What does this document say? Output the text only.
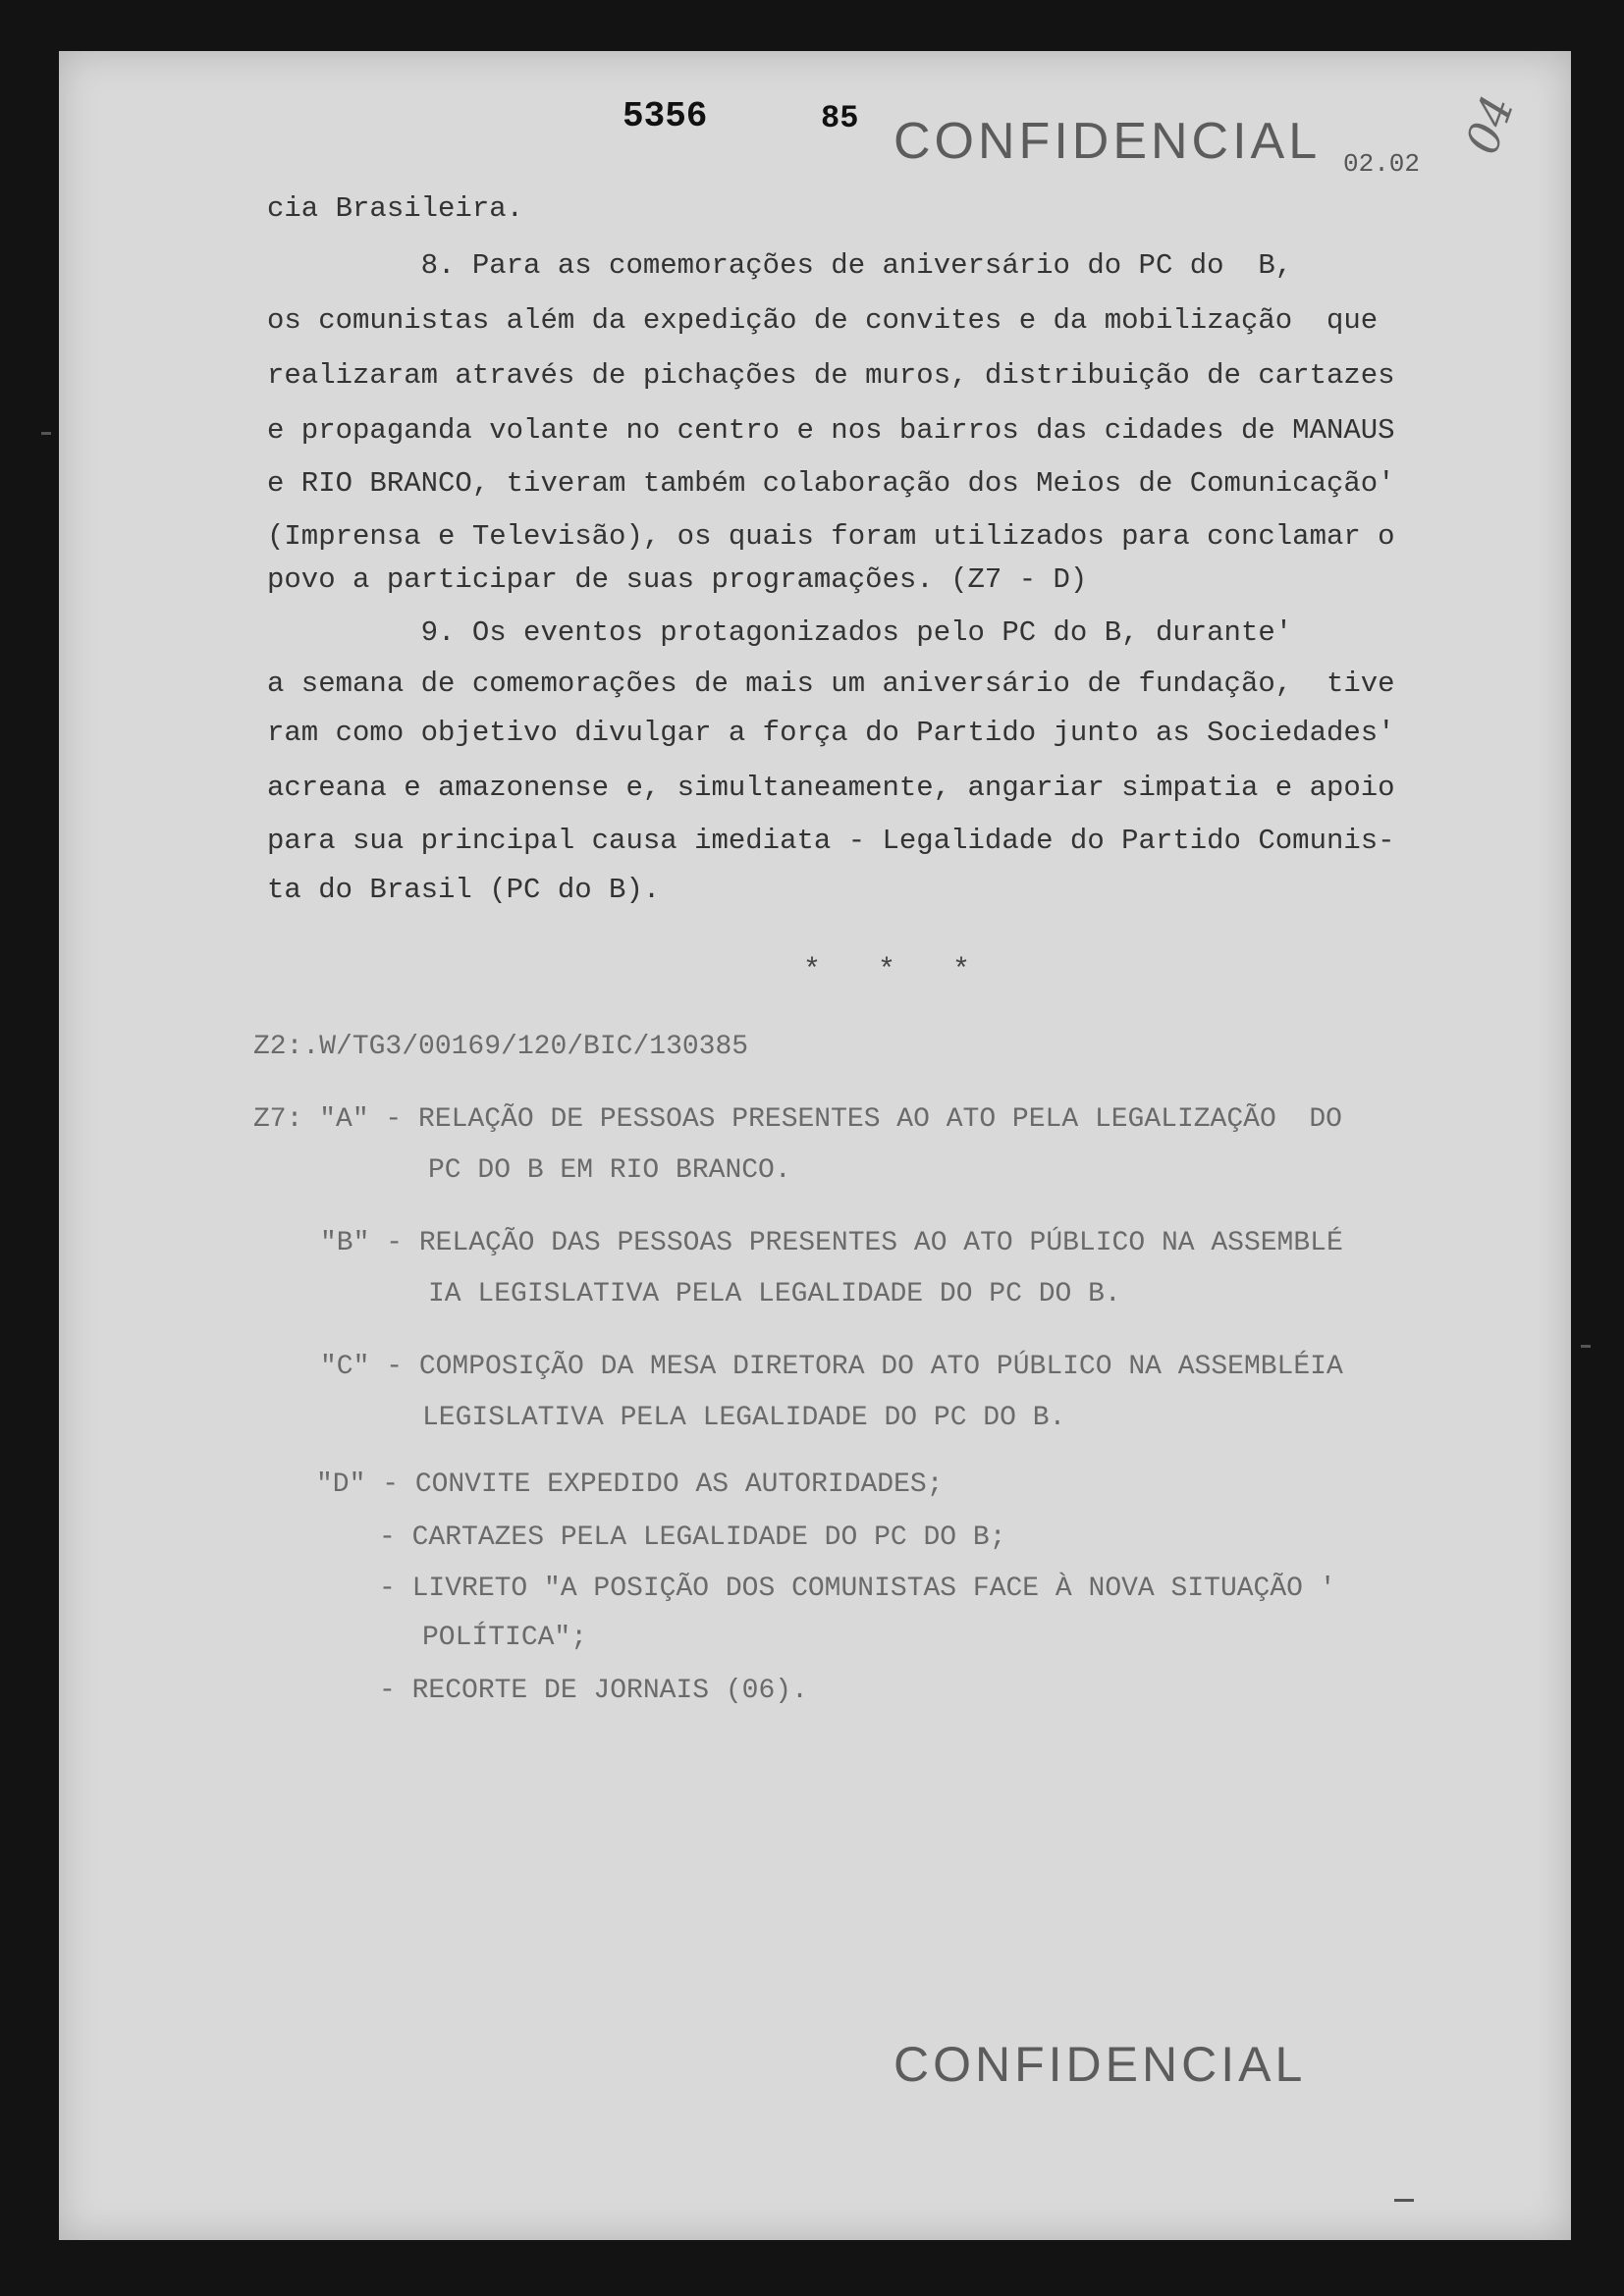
5356	85 CONFIDENCIAL 02.02
04
cia Brasileira.
8. Para as comemorações de aniversário do PC do  B,
os comunistas além da expedição de convites e da mobilização  que
realizaram através de pichações de muros, distribuição de cartazes
e propaganda volante no centro e nos bairros das cidades de MANAUS
e RIO BRANCO, tiveram também colaboração dos Meios de Comunicação'
(Imprensa e Televisão), os quais foram utilizados para conclamar o
povo a participar de suas programações. (Z7 - D)
9. Os eventos protagonizados pelo PC do B, durante'
a semana de comemorações de mais um aniversário de fundação,  tive
ram como objetivo divulgar a força do Partido junto as Sociedades'
acreana e amazonense e, simultaneamente, angariar simpatia e apoio
para sua principal causa imediata - Legalidade do Partido Comunis-
ta do Brasil (PC do B).
* * *
Z2:.W/TG3/00169/120/BIC/130385
Z7: "A" - RELAÇÃO DE PESSOAS PRESENTES AO ATO PELA LEGALIZAÇÃO  DO
PC DO B EM RIO BRANCO.
"B" - RELAÇÃO DAS PESSOAS PRESENTES AO ATO PÚBLICO NA ASSEMBLÉ
IA LEGISLATIVA PELA LEGALIDADE DO PC DO B.
"C" - COMPOSIÇÃO DA MESA DIRETORA DO ATO PÚBLICO NA ASSEMBLÉIA
LEGISLATIVA PELA LEGALIDADE DO PC DO B.
"D" - CONVITE EXPEDIDO AS AUTORIDADES;
- CARTAZES PELA LEGALIDADE DO PC DO B;
- LIVRETO "A POSIÇÃO DOS COMUNISTAS FACE À NOVA SITUAÇÃO '
POLÍTICA";
- RECORTE DE JORNAIS (06).
CONFIDENCIAL
